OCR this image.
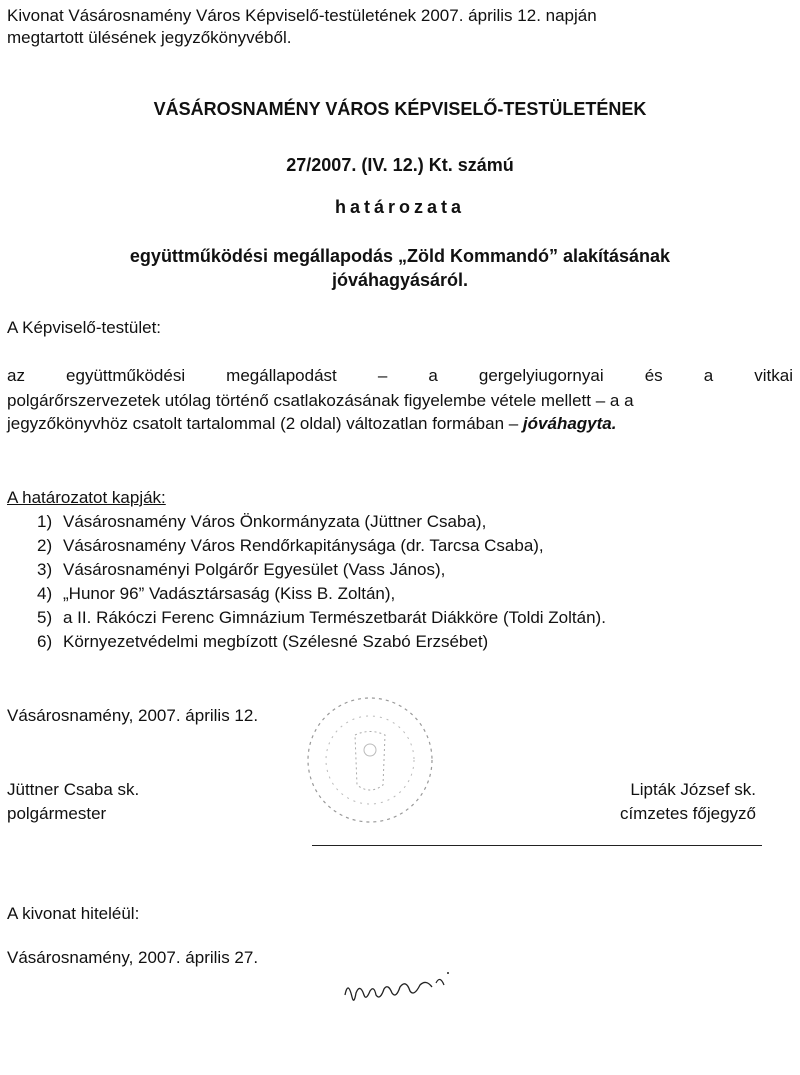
Kivonat Vásárosnamény Város Képviselő-testületének 2007. április 12. napján
megtartott ülésének jegyzőkönyvéből.
VÁSÁROSNAMÉNY VÁROS KÉPVISELŐ-TESTÜLETÉNEK
27/2007. (IV. 12.) Kt. számú
határozata
együttműködési megállapodás „Zöld Kommandó” alakításának
jóváhagyásáról.
A Képviselő-testület:
az együttműködési megállapodást – a gergelyiugornyai és a vitkai
polgárőrszervezetek utólag történő csatlakozásának figyelembe vétele mellett – a a
jegyzőkönyvhöz csatolt tartalommal (2 oldal) változatlan formában – jóváhagyta.
A határozatot kapják:
1) Vásárosnamény Város Önkormányzata (Jüttner Csaba),
2) Vásárosnamény Város Rendőrkapitánysága (dr. Tarcsa Csaba),
3) Vásárosnaményi Polgárőr Egyesület (Vass János),
4) „Hunor 96” Vadásztársaság (Kiss B. Zoltán),
5) a II. Rákóczi Ferenc Gimnázium Természetbarát Diákköre (Toldi Zoltán).
6) Környezetvédelmi megbízott (Szélesné Szabó Erzsébet)
Vásárosnamény, 2007. április 12.
Jüttner Csaba sk.
polgármester
Lipták József sk.
címzetes főjegyző
A kivonat hiteléül:
Vásárosnamény, 2007. április 27.
